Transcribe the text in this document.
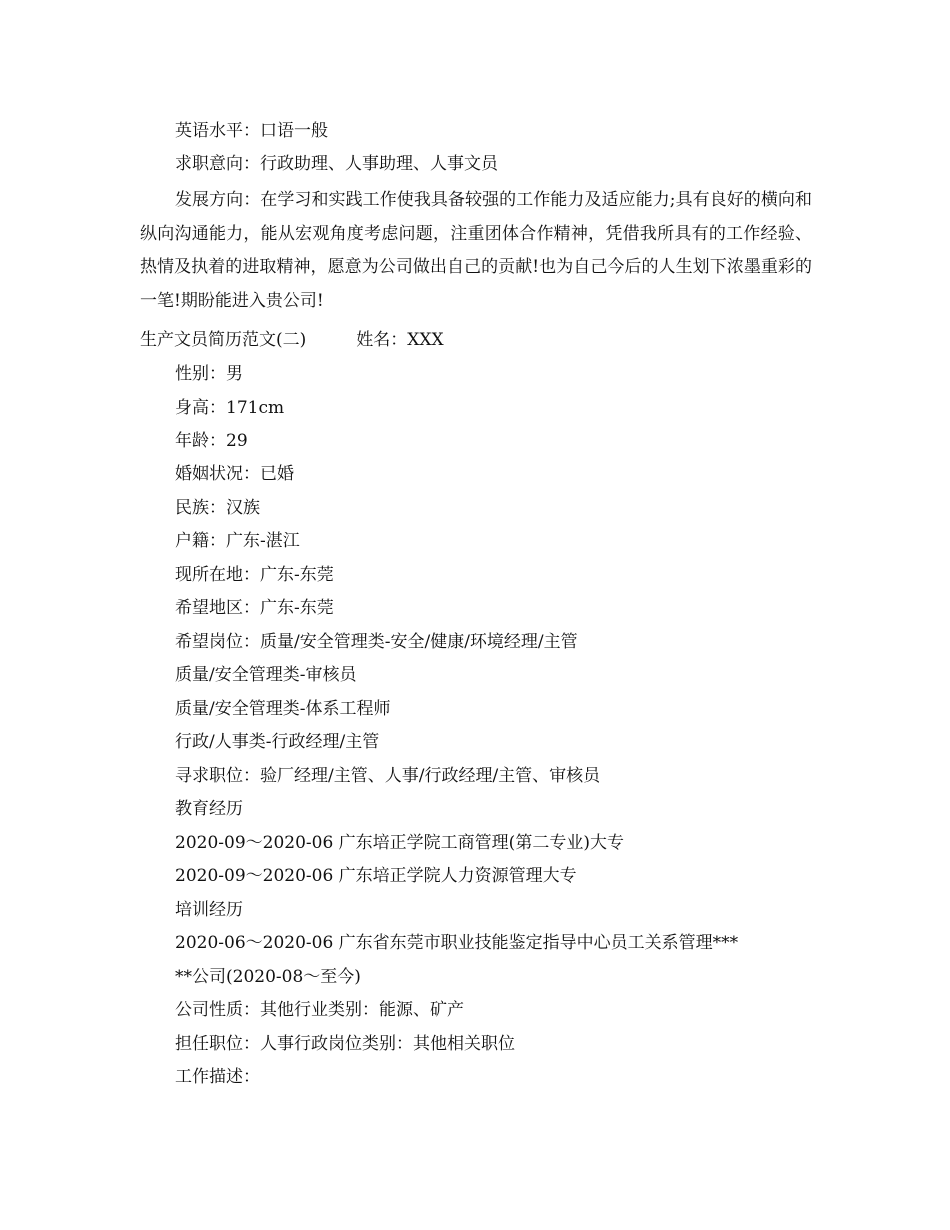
英语水平：口语一般
求职意向：行政助理、人事助理、人事文员
发展方向：在学习和实践工作使我具备较强的工作能力及适应能力;具有良好的横向和纵向沟通能力，能从宏观角度考虑问题，注重团体合作精神，凭借我所具有的工作经验、热情及执着的进取精神，愿意为公司做出自己的贡献!也为自己今后的人生划下浓墨重彩的一笔!期盼能进入贵公司!
生产文员简历范文(二)	姓名：XXX
性别：男
身高：171cm
年龄：29
婚姻状况：已婚
民族：汉族
户籍：广东-湛江
现所在地：广东-东莞
希望地区：广东-东莞
希望岗位：质量/安全管理类-安全/健康/环境经理/主管
质量/安全管理类-审核员
质量/安全管理类-体系工程师
行政/人事类-行政经理/主管
寻求职位：验厂经理/主管、人事/行政经理/主管、审核员
教育经历
2020-09～2020-06 广东培正学院工商管理(第二专业)大专
2020-09～2020-06 广东培正学院人力资源管理大专
培训经历
2020-06～2020-06 广东省东莞市职业技能鉴定指导中心员工关系管理***
**公司(2020-08～至今)
公司性质：其他行业类别：能源、矿产
担任职位：人事行政岗位类别：其他相关职位
工作描述：
